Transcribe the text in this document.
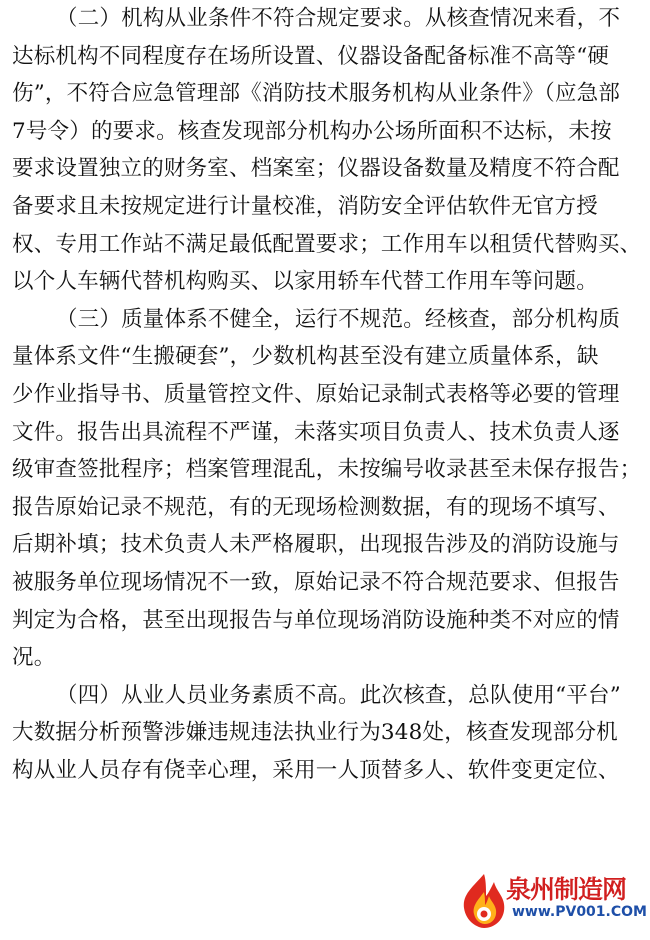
（二）机构从业条件不符合规定要求。从核查情况来看，不
达标机构不同程度存在场所设置、仪器设备配备标准不高等“硬
伤”，不符合应急管理部《消防技术服务机构从业条件》（应急部
7号令）的要求。核查发现部分机构办公场所面积不达标，未按
要求设置独立的财务室、档案室；仪器设备数量及精度不符合配
备要求且未按规定进行计量校准，消防安全评估软件无官方授
权、专用工作站不满足最低配置要求；工作用车以租赁代替购买、
以个人车辆代替机构购买、以家用轿车代替工作用车等问题。
（三）质量体系不健全，运行不规范。经核查，部分机构质
量体系文件“生搬硬套”，少数机构甚至没有建立质量体系，缺
少作业指导书、质量管控文件、原始记录制式表格等必要的管理
文件。报告出具流程不严谨，未落实项目负责人、技术负责人逐
级审查签批程序；档案管理混乱，未按编号收录甚至未保存报告；
报告原始记录不规范，有的无现场检测数据，有的现场不填写、
后期补填；技术负责人未严格履职，出现报告涉及的消防设施与
被服务单位现场情况不一致，原始记录不符合规范要求、但报告
判定为合格，甚至出现报告与单位现场消防设施种类不对应的情
况。
（四）从业人员业务素质不高。此次核查，总队使用“平台”
大数据分析预警涉嫌违规违法执业行为348处，核查发现部分机
构从业人员存有侥幸心理，采用一人顶替多人、软件变更定位、
泉州制造网
www.PV001.COM
